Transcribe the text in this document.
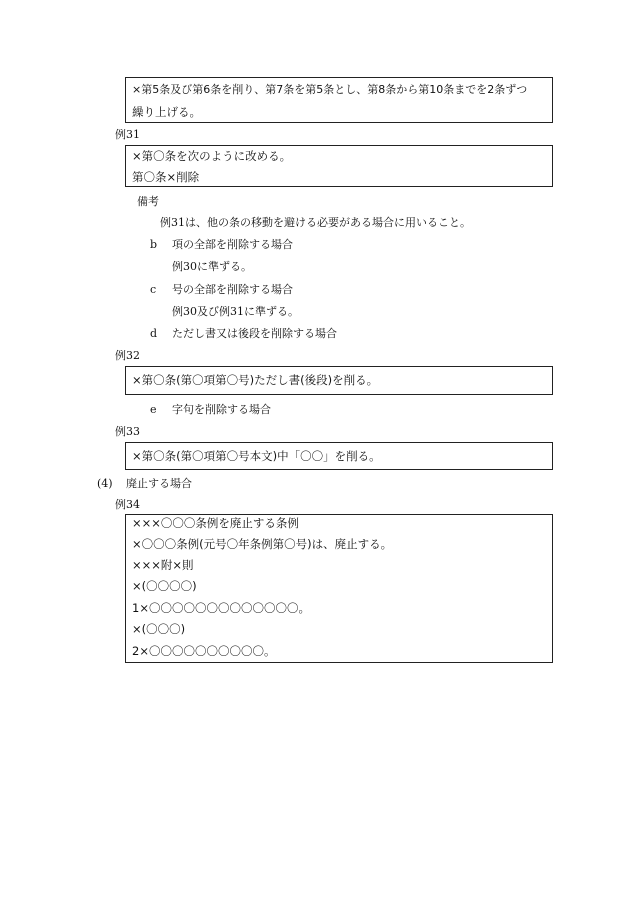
×第5条及び第6条を削り、第7条を第5条とし、第8条から第10条までを2条ずつ
繰り上げる。
例31
×第〇条を次のように改める。
第〇条×削除
備考
例31は、他の条の移動を避ける必要がある場合に用いること。
b 項の全部を削除する場合
例30に準ずる。
c 号の全部を削除する場合
例30及び例31に準ずる。
d ただし書又は後段を削除する場合
例32
×第〇条(第〇項第〇号)ただし書(後段)を削る。
e 字句を削除する場合
例33
×第〇条(第〇項第〇号本文)中「〇〇」を削る。
(4) 廃止する場合
例34
×××〇〇〇条例を廃止する条例
×〇〇〇条例(元号〇年条例第〇号)は、廃止する。
×××附×則
×(〇〇〇〇)
1×〇〇〇〇〇〇〇〇〇〇〇〇〇。
×(〇〇〇)
2×〇〇〇〇〇〇〇〇〇〇。
